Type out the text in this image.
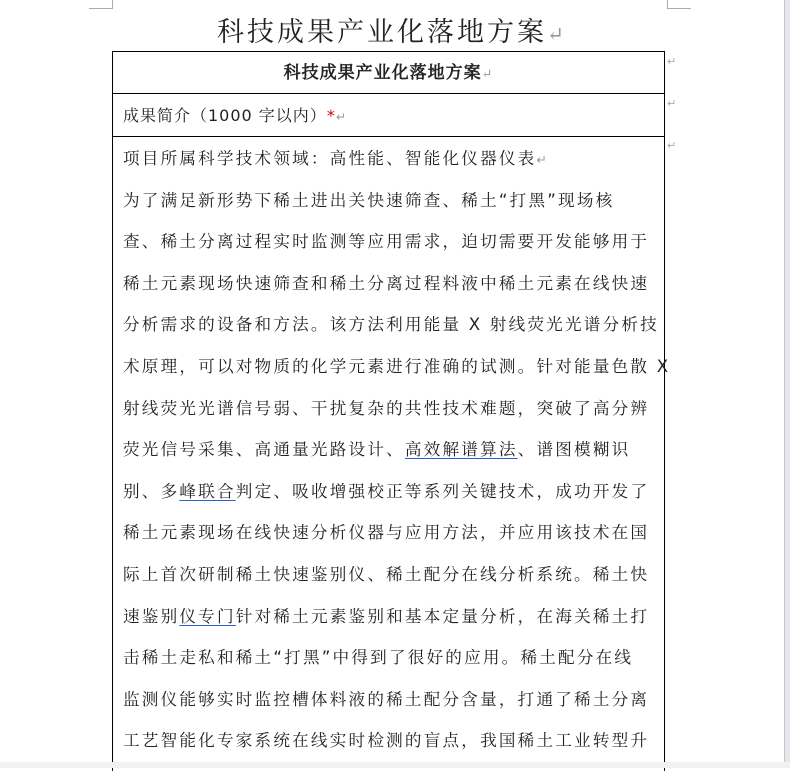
科技成果产业化落地方案↵
科技成果产业化落地方案↵
成果简介（1000 字以内）*↵
项目所属科学技术领域：高性能、智能化仪器仪表↵
为了满足新形势下稀土进出关快速筛查、稀土“打黑”现场核
查、稀土分离过程实时监测等应用需求，迫切需要开发能够用于
稀土元素现场快速筛查和稀土分离过程料液中稀土元素在线快速
分析需求的设备和方法。该方法利用能量 X 射线荧光光谱分析技
术原理，可以对物质的化学元素进行准确的试测。针对能量色散 X
射线荧光光谱信号弱、干扰复杂的共性技术难题，突破了高分辨
荧光信号采集、高通量光路设计、高效解谱算法、谱图模糊识
别、多峰联合判定、吸收增强校正等系列关键技术，成功开发了
稀土元素现场在线快速分析仪器与应用方法，并应用该技术在国
际上首次研制稀土快速鉴别仪、稀土配分在线分析系统。稀土快
速鉴别仪专门针对稀土元素鉴别和基本定量分析，在海关稀土打
击稀土走私和稀土“打黑”中得到了很好的应用。稀土配分在线
监测仪能够实时监控槽体料液的稀土配分含量，打通了稀土分离
工艺智能化专家系统在线实时检测的盲点，我国稀土工业转型升
↵
↵
↵
